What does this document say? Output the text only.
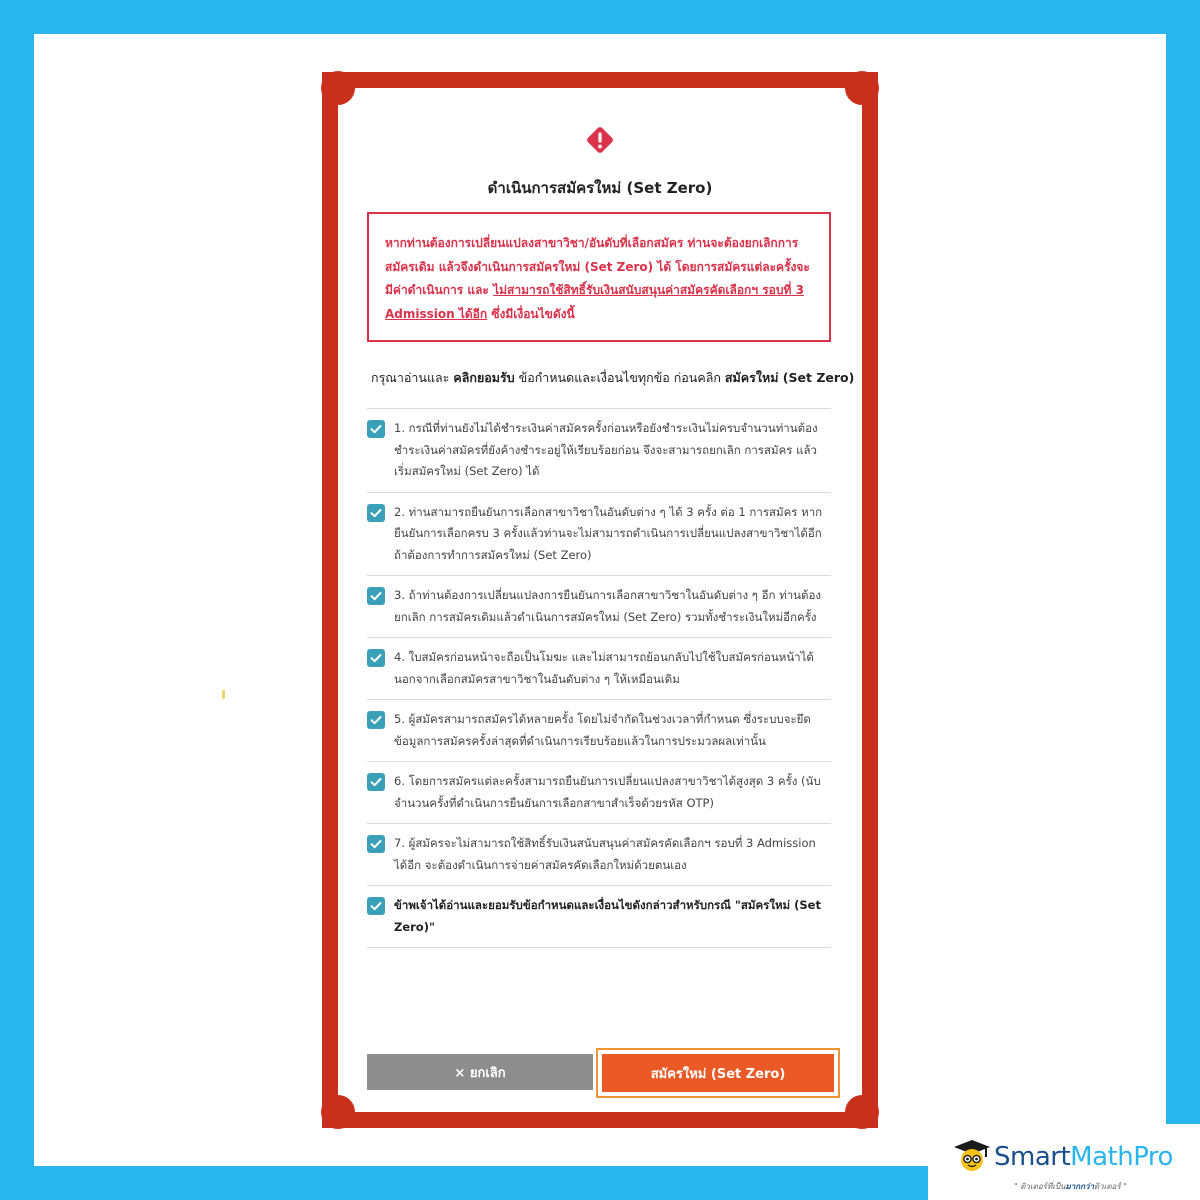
ดำเนินการสมัครใหม่ (Set Zero)
หากท่านต้องการเปลี่ยนแปลงสาขาวิชา/อันดับที่เลือกสมัคร ท่านจะต้องยกเลิกการสมัครเดิม แล้วจึงดำเนินการสมัครใหม่ (Set Zero) ได้ โดยการสมัครแต่ละครั้งจะมีค่าดำเนินการ และ ไม่สามารถใช้สิทธิ์รับเงินสนับสนุนค่าสมัครคัดเลือกฯ รอบที่ 3 Admission ได้อีก ซึ่งมีเงื่อนไขดังนี้
กรุณาอ่านและ คลิกยอมรับ ข้อกำหนดและเงื่อนไขทุกข้อ ก่อนคลิก สมัครใหม่ (Set Zero)
1. กรณีที่ท่านยังไม่ได้ชำระเงินค่าสมัครครั้งก่อนหรือยังชำระเงินไม่ครบจำนวนท่านต้องชำระเงินค่าสมัครที่ยังค้างชำระอยู่ให้เรียบร้อยก่อน จึงจะสามารถยกเลิก การสมัคร แล้วเริ่มสมัครใหม่ (Set Zero) ได้
2. ท่านสามารถยืนยันการเลือกสาขาวิชาในอันดับต่าง ๆ ได้ 3 ครั้ง ต่อ 1 การสมัคร หากยืนยันการเลือกครบ 3 ครั้งแล้วท่านจะไม่สามารถดำเนินการเปลี่ยนแปลงสาขาวิชาได้อีก ถ้าต้องการทำการสมัครใหม่ (Set Zero)
3. ถ้าท่านต้องการเปลี่ยนแปลงการยืนยันการเลือกสาขาวิชาในอันดับต่าง ๆ อีก ท่านต้องยกเลิก การสมัครเดิมแล้วดำเนินการสมัครใหม่ (Set Zero) รวมทั้งชำระเงินใหม่อีกครั้ง
4. ใบสมัครก่อนหน้าจะถือเป็นโมฆะ และไม่สามารถย้อนกลับไปใช้ใบสมัครก่อนหน้าได้ นอกจากเลือกสมัครสาขาวิชาในอันดับต่าง ๆ ให้เหมือนเดิม
5. ผู้สมัครสามารถสมัครได้หลายครั้ง โดยไม่จำกัดในช่วงเวลาที่กำหนด ซึ่งระบบจะยึดข้อมูลการสมัครครั้งล่าสุดที่ดำเนินการเรียบร้อยแล้วในการประมวลผลเท่านั้น
6. โดยการสมัครแต่ละครั้งสามารถยืนยันการเปลี่ยนแปลงสาขาวิชาได้สูงสุด 3 ครั้ง (นับจำนวนครั้งที่ดำเนินการยืนยันการเลือกสาขาสำเร็จด้วยรหัส OTP)
7. ผู้สมัครจะไม่สามารถใช้สิทธิ์รับเงินสนับสนุนค่าสมัครคัดเลือกฯ รอบที่ 3 Admission ได้อีก จะต้องดำเนินการจ่ายค่าสมัครคัดเลือกใหม่ด้วยตนเอง
ข้าพเจ้าได้อ่านและยอมรับข้อกำหนดและเงื่อนไขดังกล่าวสำหรับกรณี "สมัครใหม่ (Set Zero)"
× ยกเลิก	สมัครใหม่ (Set Zero)
SmartMathPro
" ติวเตอร์ที่เป็นมากกว่าติวเตอร์ "
